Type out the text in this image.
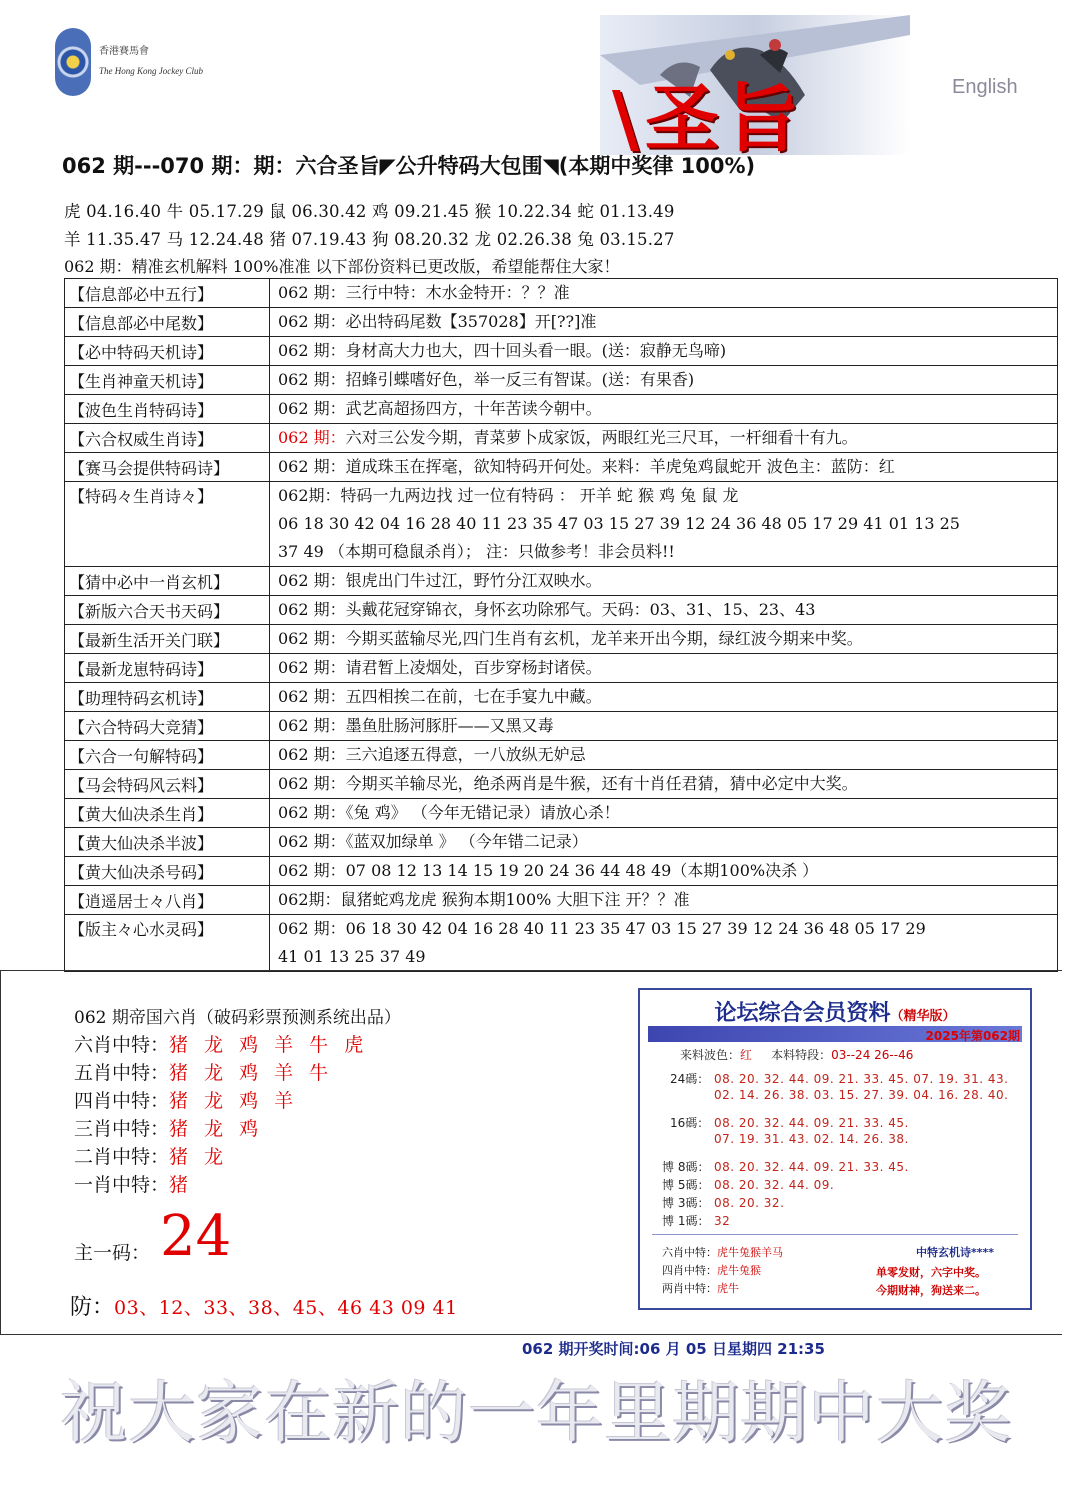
香港賽馬會
The Hong Kong Jockey Club
\圣旨	English
062 期---070 期：期：六合圣旨◤公升特码大包围◥(本期中奖律 100%)
虎 04.16.40 牛 05.17.29 鼠 06.30.42 鸡 09.21.45 猴 10.22.34 蛇 01.13.49
羊 11.35.47 马 12.24.48 猪 07.19.43 狗 08.20.32 龙 02.26.38 兔 03.15.27
062 期：精准玄机解料 100%准准 以下部份资料已更改版，希望能帮住大家！
【信息部必中五行】	062 期：三行中特：木水金特开：？？准
【信息部必中尾数】	062 期：必出特码尾数【357028】开[??]准
【必中特码天机诗】	062 期：身材高大力也大，四十回头看一眼。(送：寂静无鸟啼)
【生肖神童天机诗】	062 期：招蜂引蝶嗜好色，举一反三有智谋。(送：有果香)
【波色生肖特码诗】	062 期：武艺高超扬四方，十年苦读今朝中。
【六合权威生肖诗】	062 期：六对三公发今期，青菜萝卜成家饭，两眼红光三尺耳，一杆细看十有九。
【赛马会提供特码诗】	062 期：道成珠玉在挥毫，欲知特码开何处。来料：羊虎兔鸡鼠蛇开 波色主：蓝防：红
【特码々生肖诗々】	062期：特码一九两边找 过一位有特码 ： 开羊 蛇 猴 鸡 兔 鼠 龙
06 18 30 42 04 16 28 40 11 23 35 47 03 15 27 39 12 24 36 48 05 17 29 41 01 13 25
37 49 （本期可稳鼠杀肖）； 注：只做参考！非会员料!!

【猜中必中一肖玄机】	062 期：银虎出门牛过江，野竹分江双映水。
【新版六合天书天码】	062 期：头戴花冠穿锦衣，身怀玄功除邪气。天码：03、31、15、23、43
【最新生活开关门联】	062 期：今期买蓝输尽光,四门生肖有玄机，龙羊来开出今期，绿红波今期来中奖。
【最新龙崽特码诗】	062 期：请君暂上凌烟处，百步穿杨封诸侯。
【助理特码玄机诗】	062 期：五四相挨二在前，七在手宴九中藏。
【六合特码大竞猜】	062 期：墨鱼肚肠河豚肝——又黑又毒
【六合一句解特码】	062 期：三六追逐五得意，一八放纵无妒忌
【马会特码风云料】	062 期：今期买羊输尽光，绝杀两肖是牛猴，还有十肖任君猜，猜中必定中大奖。
【黄大仙决杀生肖】	062 期：《兔 鸡》 （今年无错记录）请放心杀！
【黄大仙决杀半波】	062 期：《蓝双加绿单 》 （今年错二记录）
【黄大仙决杀号码】	062 期：07 08 12 13 14 15 19 20 24 36 44 48 49（本期100%决杀 ）
【逍遥居士々八肖】	062期：鼠猪蛇鸡龙虎 猴狗本期100% 大胆下注 开？？准
【版主々心水灵码】	062 期：06 18 30 42 04 16 28 40 11 23 35 47 03 15 27 39 12 24 36 48 05 17 29
41 01 13 25 37 49
062 期帝国六肖（破码彩票预测系统出品）
六肖中特：猪 龙 鸡 羊 牛 虎
五肖中特：猪 龙 鸡 羊 牛
四肖中特：猪 龙 鸡 羊
三肖中特：猪 龙 鸡
二肖中特：猪 龙
一肖中特：猪
主一码： 24
防：03、12、33、38、45、46 43 09 41
论坛综合会员资料（精华版）
2025年第062期
来料波色：红 本料特段：03--24 26--46
24碼： 08. 20. 32. 44. 09. 21. 33. 45. 07. 19. 31. 43.
02. 14. 26. 38. 03. 15. 27. 39. 04. 16. 28. 40.
16碼： 08. 20. 32. 44. 09. 21. 33. 45.
07. 19. 31. 43. 02. 14. 26. 38.
博 8碼： 08. 20. 32. 44. 09. 21. 33. 45.
博 5碼： 08. 20. 32. 44. 09.
博 3碼： 08. 20. 32.
博 1碼： 32
六肖中特：虎牛兔猴羊马
四肖中特：虎牛兔猴
两肖中特：虎牛
中特玄机诗****
单零发财，六字中奖。
今期财神，狗送来二。
062 期开奖时间:06 月 05 日星期四 21:35
祝大家在新的一年里期期中大奖
